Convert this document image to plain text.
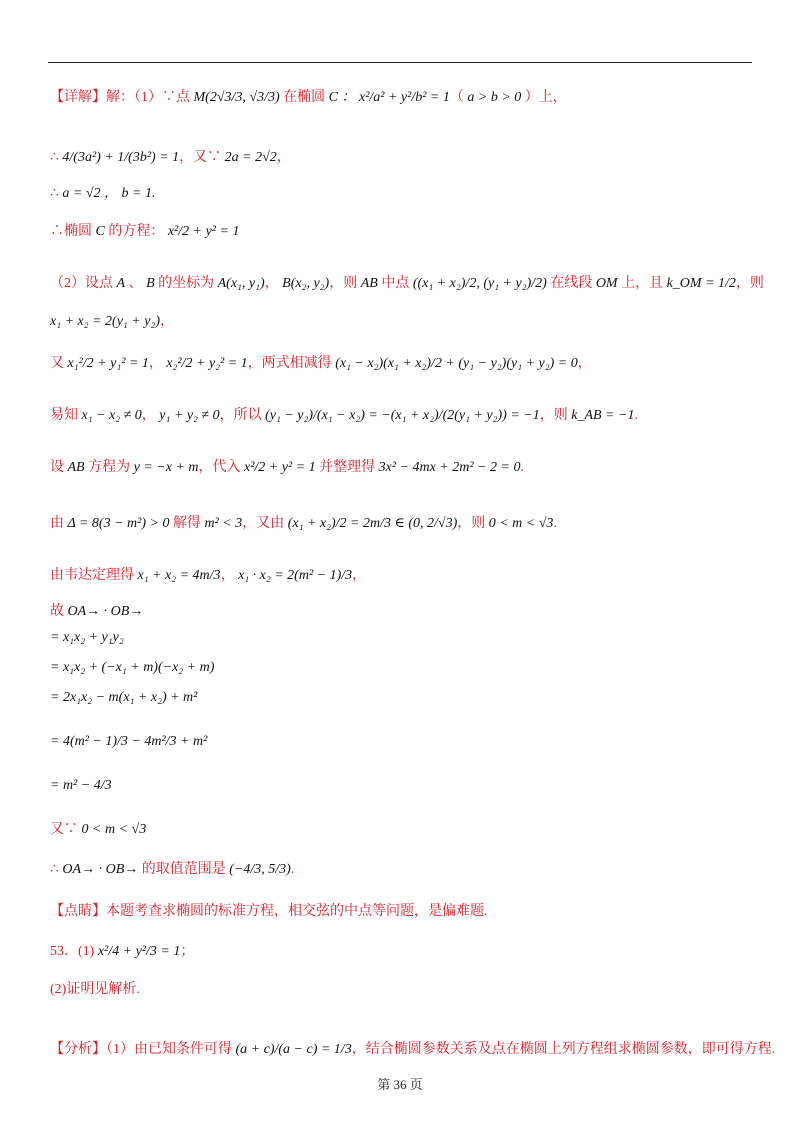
【详解】解：（1）∵点 M(2√3/3, √3/3) 在椭圆 C ： x²/a² + y²/b² = 1（ a > b > 0 ）上，
∴ 4/(3a²) + 1/(3b²) = 1，又∵ 2a = 2√2，
∴ a = √2 ， b = 1.
∴椭圆 C 的方程： x²/2 + y² = 1
（2）设点 A 、 B 的坐标为 A(x₁, y₁)， B(x₂, y₂)，则 AB 中点 ((x₁ + x₂)/2, (y₁ + y₂)/2) 在线段 OM 上，且 k_OM = 1/2，则
x₁ + x₂ = 2(y₁ + y₂)，
又 x₁²/2 + y₁² = 1， x₂²/2 + y₂² = 1，两式相减得 (x₁ − x₂)(x₁ + x₂)/2 + (y₁ − y₂)(y₁ + y₂) = 0，
易知 x₁ − x₂ ≠ 0， y₁ + y₂ ≠ 0，所以 (y₁ − y₂)/(x₁ − x₂) = −(x₁ + x₂)/(2(y₁ + y₂)) = −1，则 k_AB = −1.
设 AB 方程为 y = −x + m，代入 x²/2 + y² = 1 并整理得 3x² − 4mx + 2m² − 2 = 0.
由 Δ = 8(3 − m²) > 0 解得 m² < 3，又由 (x₁ + x₂)/2 = 2m/3 ∈ (0, 2/√3)，则 0 < m < √3.
由韦达定理得 x₁ + x₂ = 4m/3， x₁ · x₂ = 2(m² − 1)/3，
故 OA→ · OB→
= x₁x₂ + y₁y₂
= x₁x₂ + (−x₁ + m)(−x₂ + m)
= 2x₁x₂ − m(x₁ + x₂) + m²
= 4(m² − 1)/3 − 4m²/3 + m²
= m² − 4/3
又∵ 0 < m < √3
∴ OA→ · OB→ 的取值范围是 (−4/3, 5/3).
【点睛】本题考查求椭圆的标准方程，相交弦的中点等问题，是偏难题.
53．(1) x²/4 + y²/3 = 1；
(2)证明见解析.
【分析】（1）由已知条件可得 (a + c)/(a − c) = 1/3，结合椭圆参数关系及点在椭圆上列方程组求椭圆参数，即可得方程.
第 36 页
